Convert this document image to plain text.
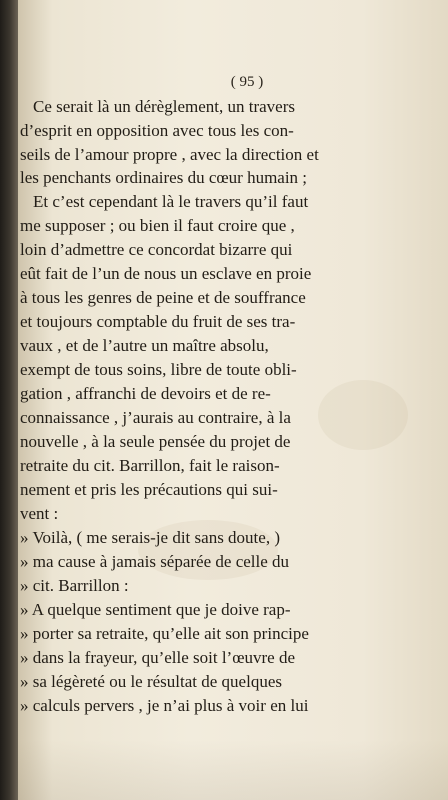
( 95 )
Ce serait là un dérèglement, un travers
d’esprit en opposition avec tous les con-
seils de l’amour propre , avec la direction et
les penchants ordinaires du cœur humain ;
Et c’est cependant là le travers qu’il faut
me supposer ; ou bien il faut croire que ,
loin d’admettre ce concordat bizarre qui
eût fait de l’un de nous un esclave en proie
à tous les genres de peine et de souffrance
et toujours comptable du fruit de ses tra-
vaux , et de l’autre un maître absolu,
exempt de tous soins, libre de toute obli-
gation , affranchi de devoirs et de re-
connaissance , j’aurais au contraire, à la
nouvelle , à la seule pensée du projet de
retraite du cit. Barrillon, fait le raison-
nement et pris les précautions qui sui-
vent :
» Voilà, ( me serais-je dit sans doute, )
» ma cause à jamais séparée de celle du
» cit. Barrillon :
» A quelque sentiment que je doive rap-
» porter sa retraite, qu’elle ait son principe
» dans la frayeur, qu’elle soit l’œuvre de
» sa légèreté ou le résultat de quelques
» calculs pervers , je n’ai plus à voir en lui
